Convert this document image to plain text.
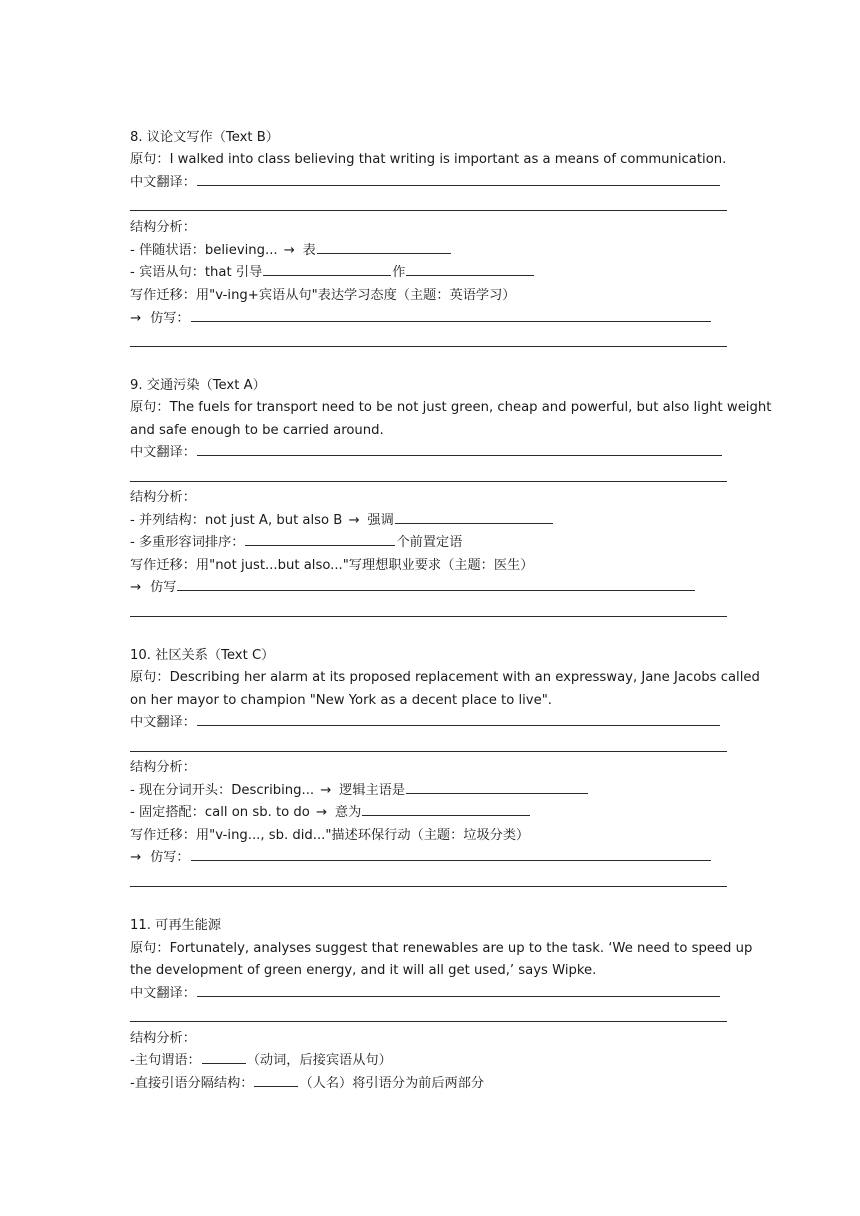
8. 议论文写作（Text B）
原句：I walked into class believing that writing is important as a means of communication.
中文翻译：
结构分析：
- 伴随状语：believing... → 表
- 宾语从句：that 引导	作
写作迁移：用"v-ing+宾语从句"表达学习态度（主题：英语学习）
→ 仿写：
9. 交通污染（Text A）
原句：The fuels for transport need to be not just green, cheap and powerful, but also light weight
and safe enough to be carried around.
中文翻译：
结构分析：
- 并列结构：not just A, but also B → 强调
- 多重形容词排序：	个前置定语
写作迁移：用"not just...but also..."写理想职业要求（主题：医生）
→ 仿写
10. 社区关系（Text C）
原句：Describing her alarm at its proposed replacement with an expressway, Jane Jacobs called
on her mayor to champion "New York as a decent place to live".
中文翻译：
结构分析：
- 现在分词开头：Describing... → 逻辑主语是
- 固定搭配：call on sb. to do → 意为
写作迁移：用"v-ing..., sb. did..."描述环保行动（主题：垃圾分类）
→ 仿写：
11. 可再生能源
原句：Fortunately, analyses suggest that renewables are up to the task. ‘We need to speed up
the development of green energy, and it will all get used,’ says Wipke.
中文翻译：
结构分析：
-主句谓语：	（动词，后接宾语从句）
-直接引语分隔结构：	（人名）将引语分为前后两部分
